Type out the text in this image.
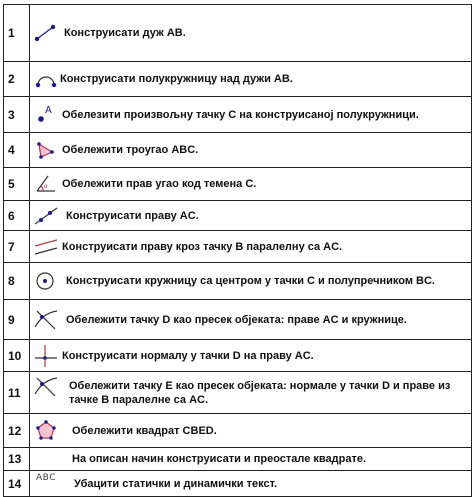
1	Конструисати дуж AB.

2	Конструисати полукружницу над дужи AB.

3	A Обелезити произвољну тачку C на конструисаној полукружници.

4	Обележити троугао ABC.

5	α Обележити прав угао код темена C.

6	Конструисати праву AC.

7	Конструисати праву кроз тачку B паралелну са AC.

8	Конструисати кружницу са центром у тачки C и полупречником BC.

9	Обележити тачку D као пресек објеката: праве AC и кружнице.

10	Конструисати нормалу у тачки D на праву AC.

11	Обележити тачку E као пресек објеката: нормале у тачки D и праве из тачке B паралелне са AC.

12	Обележити квадрат CBED.

13	На описан начин конструисати и преостале квадрате.

14	ABC Убацити статички и динамички текст.
